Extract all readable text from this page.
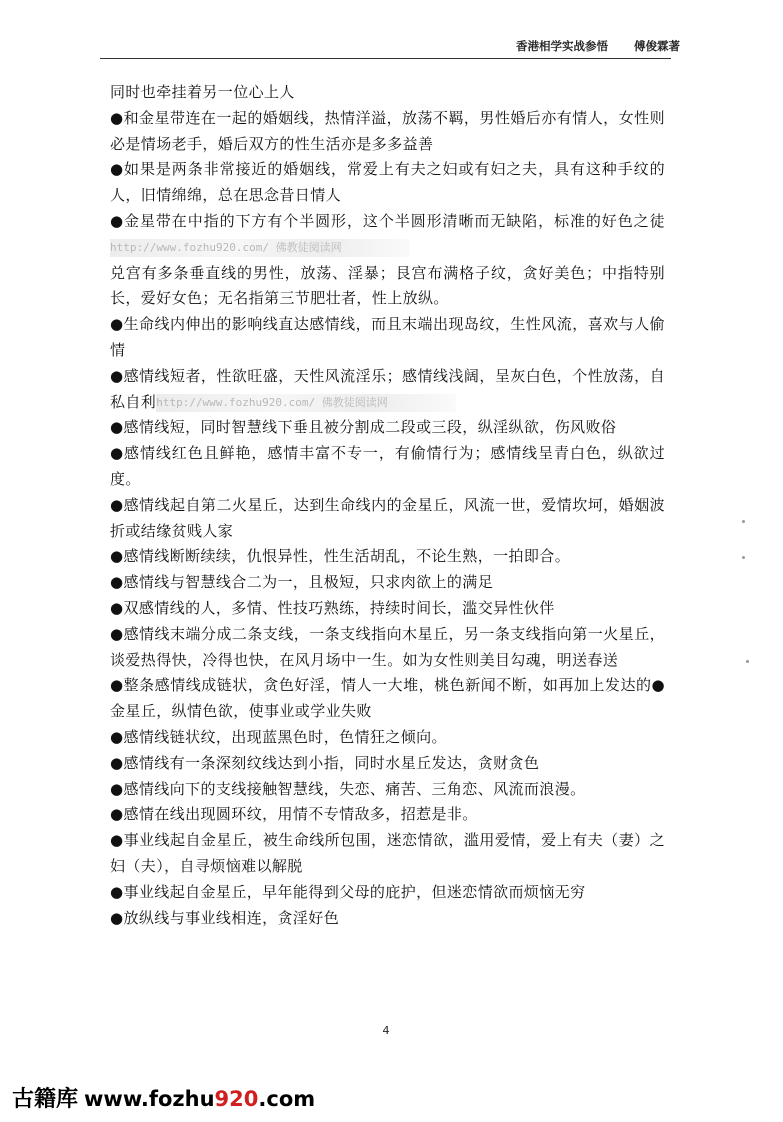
香港相学实战参悟 傅俊霖著

同时也牵挂着另一位心上人

●和金星带连在一起的婚姻线，热情洋溢，放荡不羁，男性婚后亦有情人，女性则必是情场老手，婚后双方的性生活亦是多多益善

●如果是两条非常接近的婚姻线，常爱上有夫之妇或有妇之夫，具有这种手纹的人，旧情绵绵，总在思念昔日情人

●金星带在中指的下方有个半圆形，这个半圆形清晰而无缺陷，标准的好色之徒http://www.fozhu920.com/ 佛教徒阅读网

兑宫有多条垂直线的男性，放荡、淫暴；艮宫布满格子纹，贪好美色；中指特别长，爱好女色；无名指第三节肥壮者，性上放纵。

●生命线内伸出的影响线直达感情线，而且末端出现岛纹，生性风流，喜欢与人偷情

●感情线短者，性欲旺盛，天性风流淫乐；感情线浅阔，呈灰白色，个性放荡，自私自利http://www.fozhu920.com/ 佛教徒阅读网

●感情线短，同时智慧线下垂且被分割成二段或三段，纵淫纵欲，伤风败俗

●感情线红色且鲜艳，感情丰富不专一，有偷情行为；感情线呈青白色，纵欲过度。

●感情线起自第二火星丘，达到生命线内的金星丘，风流一世，爱情坎坷，婚姻波折或结缘贫贱人家

●感情线断断续续，仇恨异性，性生活胡乱，不论生熟，一拍即合。

●感情线与智慧线合二为一，且极短，只求肉欲上的满足

●双感情线的人，多情、性技巧熟练，持续时间长，滥交异性伙伴

●感情线末端分成二条支线，一条支线指向木星丘，另一条支线指向第一火星丘，谈爱热得快，冷得也快，在风月场中一生。如为女性则美目勾魂，明送春送

●整条感情线成链状，贪色好淫，情人一大堆，桃色新闻不断，如再加上发达的●金星丘，纵情色欲，使事业或学业失败

●感情线链状纹，出现蓝黑色时，色情狂之倾向。

●感情线有一条深刻纹线达到小指，同时水星丘发达，贪财贪色

●感情线向下的支线接触智慧线，失恋、痛苦、三角恋、风流而浪漫。

●感情在线出现圆环纹，用情不专情敌多，招惹是非。

●事业线起自金星丘，被生命线所包围，迷恋情欲，滥用爱情，爱上有夫（妻）之妇（夫），自寻烦恼难以解脱

●事业线起自金星丘，早年能得到父母的庇护，但迷恋情欲而烦恼无穷

●放纵线与事业线相连，贪淫好色

4
古籍库 www.fozhu920.com
